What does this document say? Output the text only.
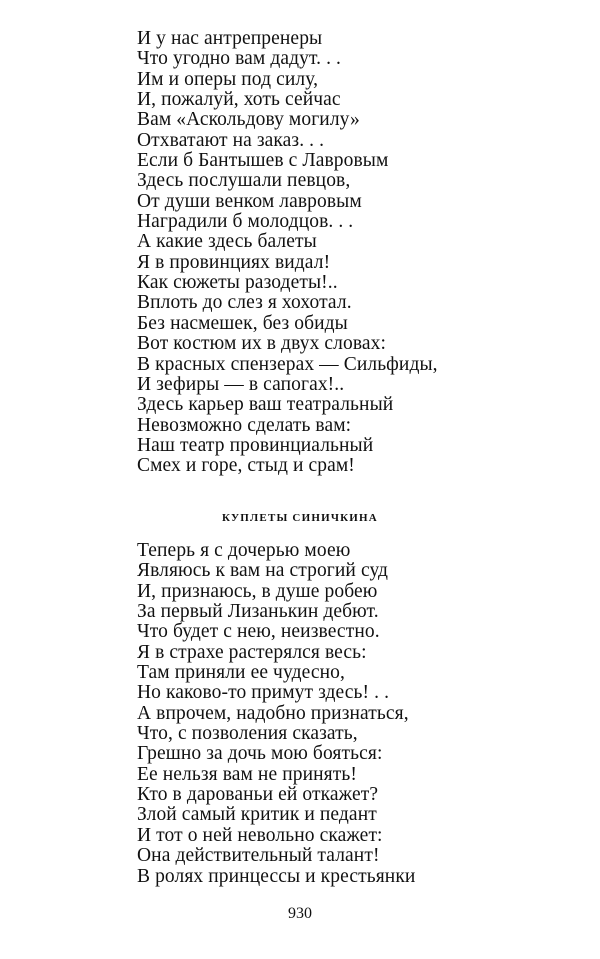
И у нас антрепренеры
Что угодно вам дадут. . .
Им и оперы под силу,
И, пожалуй, хоть сейчас
Вам «Аскольдову могилу»
Отхватают на заказ. . .
Если б Бантышев с Лавровым
Здесь послушали певцов,
От души венком лавровым
Наградили б молодцов. . .
А какие здесь балеты
Я в провинциях видал!
Как сюжеты разодеты!..
Вплоть до слез я хохотал.
Без насмешек, без обиды
Вот костюм их в двух словах:
В красных спензерах — Сильфиды,
И зефиры — в сапогах!..
Здесь карьер ваш театральный
Невозможно сделать вам:
Наш театр провинциальный
Смех и горе, стыд и срам!
КУПЛЕТЫ СИНИЧКИНА
Теперь я с дочерью моею
Являюсь к вам на строгий суд
И, признаюсь, в душе робею
За первый Лизанькин дебют.
Что будет с нею, неизвестно.
Я в страхе растерялся весь:
Там приняли ее чудесно,
Но каково-то примут здесь! . .
А впрочем, надобно признаться,
Что, с позволения сказать,
Грешно за дочь мою бояться:
Ее нельзя вам не принять!
Кто в дарованьи ей откажет?
Злой самый критик и педант
И тот о ней невольно скажет:
Она действительный талант!
В ролях принцессы и крестьянки
930
